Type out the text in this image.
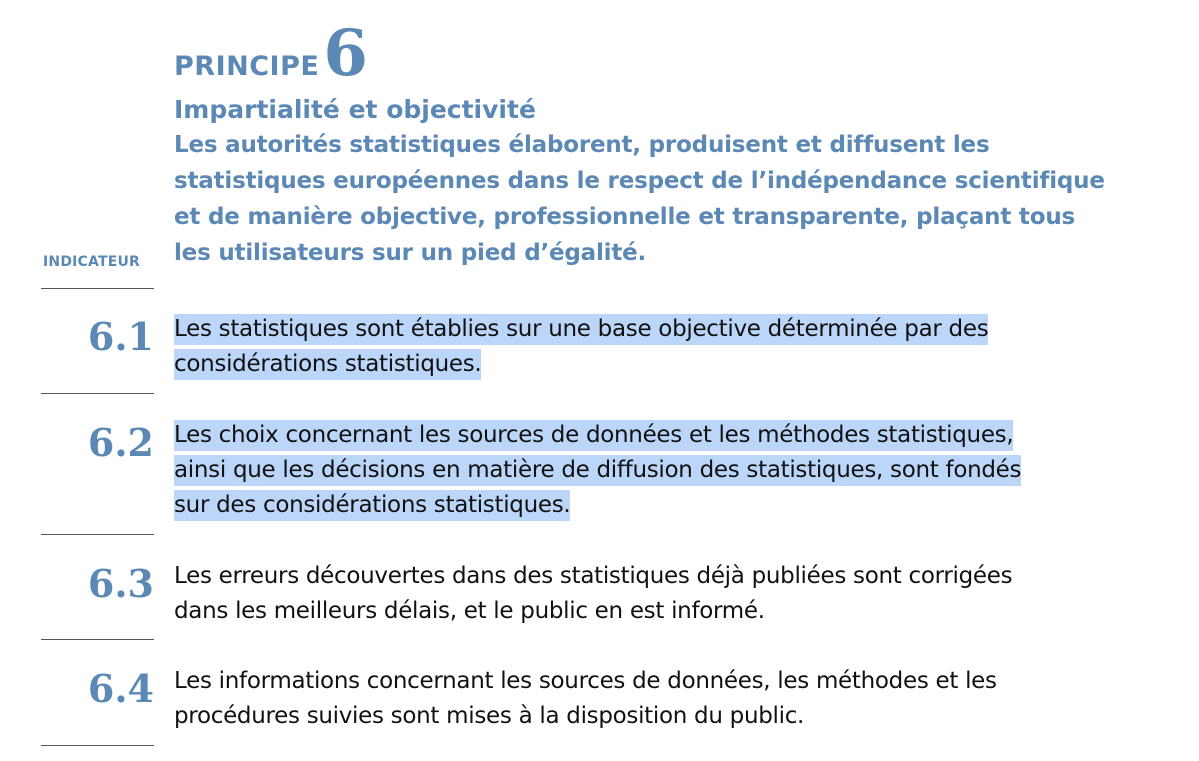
PRINCIPE 6
Impartialité et objectivité
Les autorités statistiques élaborent, produisent et diffusent les
statistiques européennes dans le respect de l’indépendance scientifique
et de manière objective, professionnelle et transparente, plaçant tous
les utilisateurs sur un pied d’égalité.
INDICATEUR
6.1 Les statistiques sont établies sur une base objective déterminée par des
considérations statistiques.
6.2 Les choix concernant les sources de données et les méthodes statistiques,
ainsi que les décisions en matière de diffusion des statistiques, sont fondés
sur des considérations statistiques.
6.3 Les erreurs découvertes dans des statistiques déjà publiées sont corrigées
dans les meilleurs délais, et le public en est informé.
6.4 Les informations concernant les sources de données, les méthodes et les
procédures suivies sont mises à la disposition du public.
